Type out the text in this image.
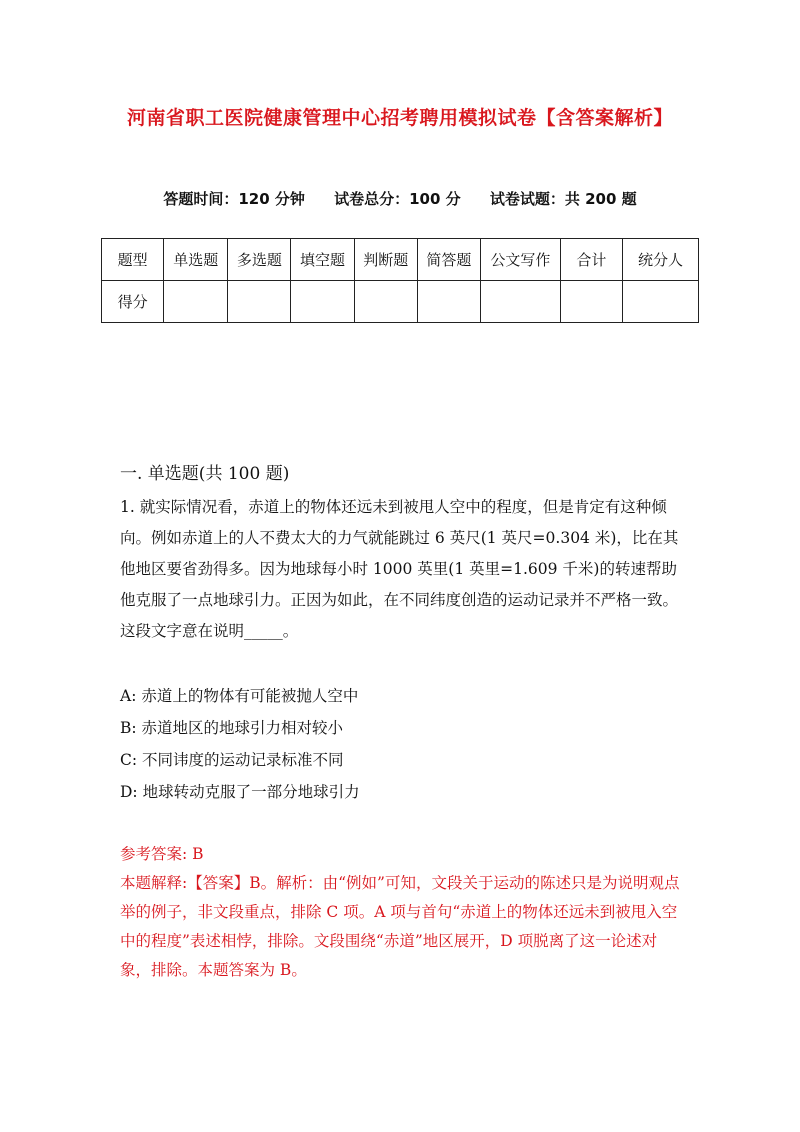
河南省职工医院健康管理中心招考聘用模拟试卷【含答案解析】
答题时间：120 分钟 试卷总分：100 分 试卷试题：共 200 题
题型	单选题	多选题	填空题	判断题	简答题	公文写作	合计	统分人
得分								
一. 单选题(共 100 题)

1. 就实际情况看，赤道上的物体还远未到被甩人空中的程度，但是肯定有这种倾向。例如赤道上的人不费太大的力气就能跳过 6 英尺(1 英尺=0.304 米)，比在其他地区要省劲得多。因为地球每小时 1000 英里(1 英里=1.609 千米)的转速帮助他克服了一点地球引力。正因为如此，在不同纬度创造的运动记录并不严格一致。

这段文字意在说明_____。

A: 赤道上的物体有可能被抛人空中
B: 赤道地区的地球引力相对较小
C: 不同讳度的运动记录标准不同
D: 地球转动克服了一部分地球引力

参考答案: B

本题解释:【答案】B。解析：由“例如”可知，文段关于运动的陈述只是为说明观点举的例子，非文段重点，排除 C 项。A 项与首句“赤道上的物体还远未到被甩入空中的程度”表述相悖，排除。文段围绕“赤道”地区展开，D 项脱离了这一论述对象，排除。本题答案为 B。
